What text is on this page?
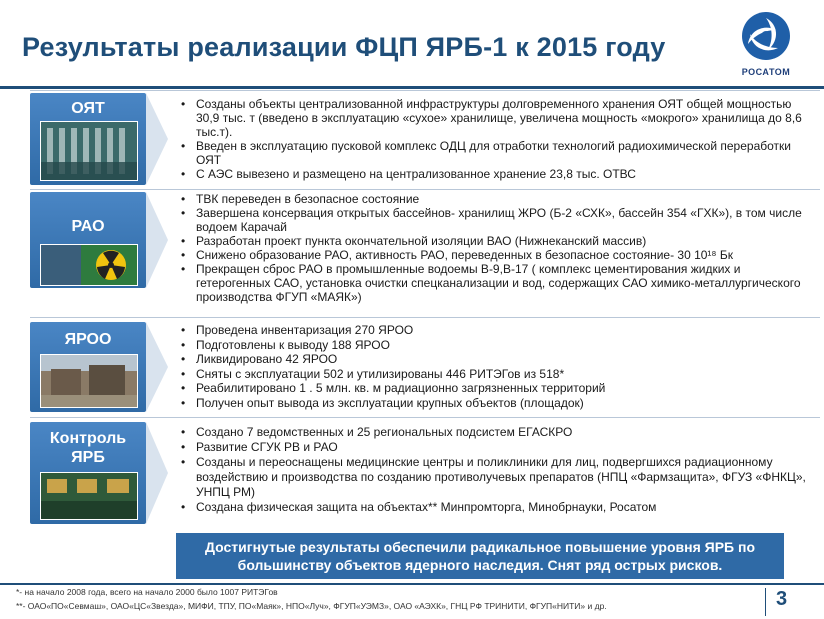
Результаты реализации ФЦП ЯРБ-1 к 2015 году
РОСАТОМ
ОЯТ
•	Созданы объекты централизованной инфраструктуры долговременного хранения ОЯТ общей мощностью 30,9 тыс. т (введено в эксплуатацию «сухое» хранилище, увеличена мощность «мокрого» хранилища до 8,6 тыс.т).
• Введен в эксплуатацию пусковой комплекс ОДЦ для отработки технологий радиохимической переработки ОЯТ
• С АЭС вывезено и размещено на централизованное хранение 23,8 тыс. ОТВС
РАО
• ТВК переведен в безопасное состояние
• Завершена консервация открытых бассейнов- хранилищ ЖРО (Б-2 «СХК», бассейн 354 «ГХК»), в том числе водоем Карачай
• Разработан проект пункта окончательной изоляции ВАО (Нижнеканский массив)
• Снижено образование РАО, активность РАО, переведенных в безопасное состояние- 30 10¹⁸ Бк
• Прекращен сброс РАО в промышленные водоемы В-9,В-17 ( комплекс цементирования жидких и гетерогенных САО, установка очистки спецканализации и вод, содержащих САО химико-металлургического производства ФГУП «МАЯК»)
ЯРОО
• Проведена инвентаризация 270 ЯРОО
• Подготовлены к выводу 188 ЯРОО
• Ликвидировано 42 ЯРОО
• Сняты с эксплуатации 502 и утилизированы 446 РИТЭГов из 518*
• Реабилитировано 1 . 5 млн. кв. м радиационно загрязненных территорий
• Получен опыт вывода из эксплуатации крупных объектов (площадок)
Контроль
ЯРБ
• Создано 7 ведомственных и 25 региональных подсистем ЕГАСКРО
• Развитие СГУК РВ и РАО
• Созданы и переоснащены медицинские центры и поликлиники для лиц, подвергшихся радиационному воздействию и производства по созданию противолучевых препаратов (НПЦ «Фармзащита», ФГУЗ «ФНКЦ», УНПЦ РМ)
• Создана физическая защита на объектах** Минпромторга, Минобрнауки, Росатом
Достигнутые результаты обеспечили радикальное повышение уровня ЯРБ по
большинству объектов ядерного наследия. Снят ряд острых рисков.
*- на начало 2008 года, всего на начало 2000 было 1007 РИТЭГов
**- ОАО«ПО«Севмаш», ОАО«ЦС«Звезда», МИФИ, ТПУ, ПО«Маяк», НПО«Луч», ФГУП«УЭМЗ», ОАО «АЭХК», ГНЦ РФ ТРИНИТИ, ФГУП«НИТИ» и др.	3
